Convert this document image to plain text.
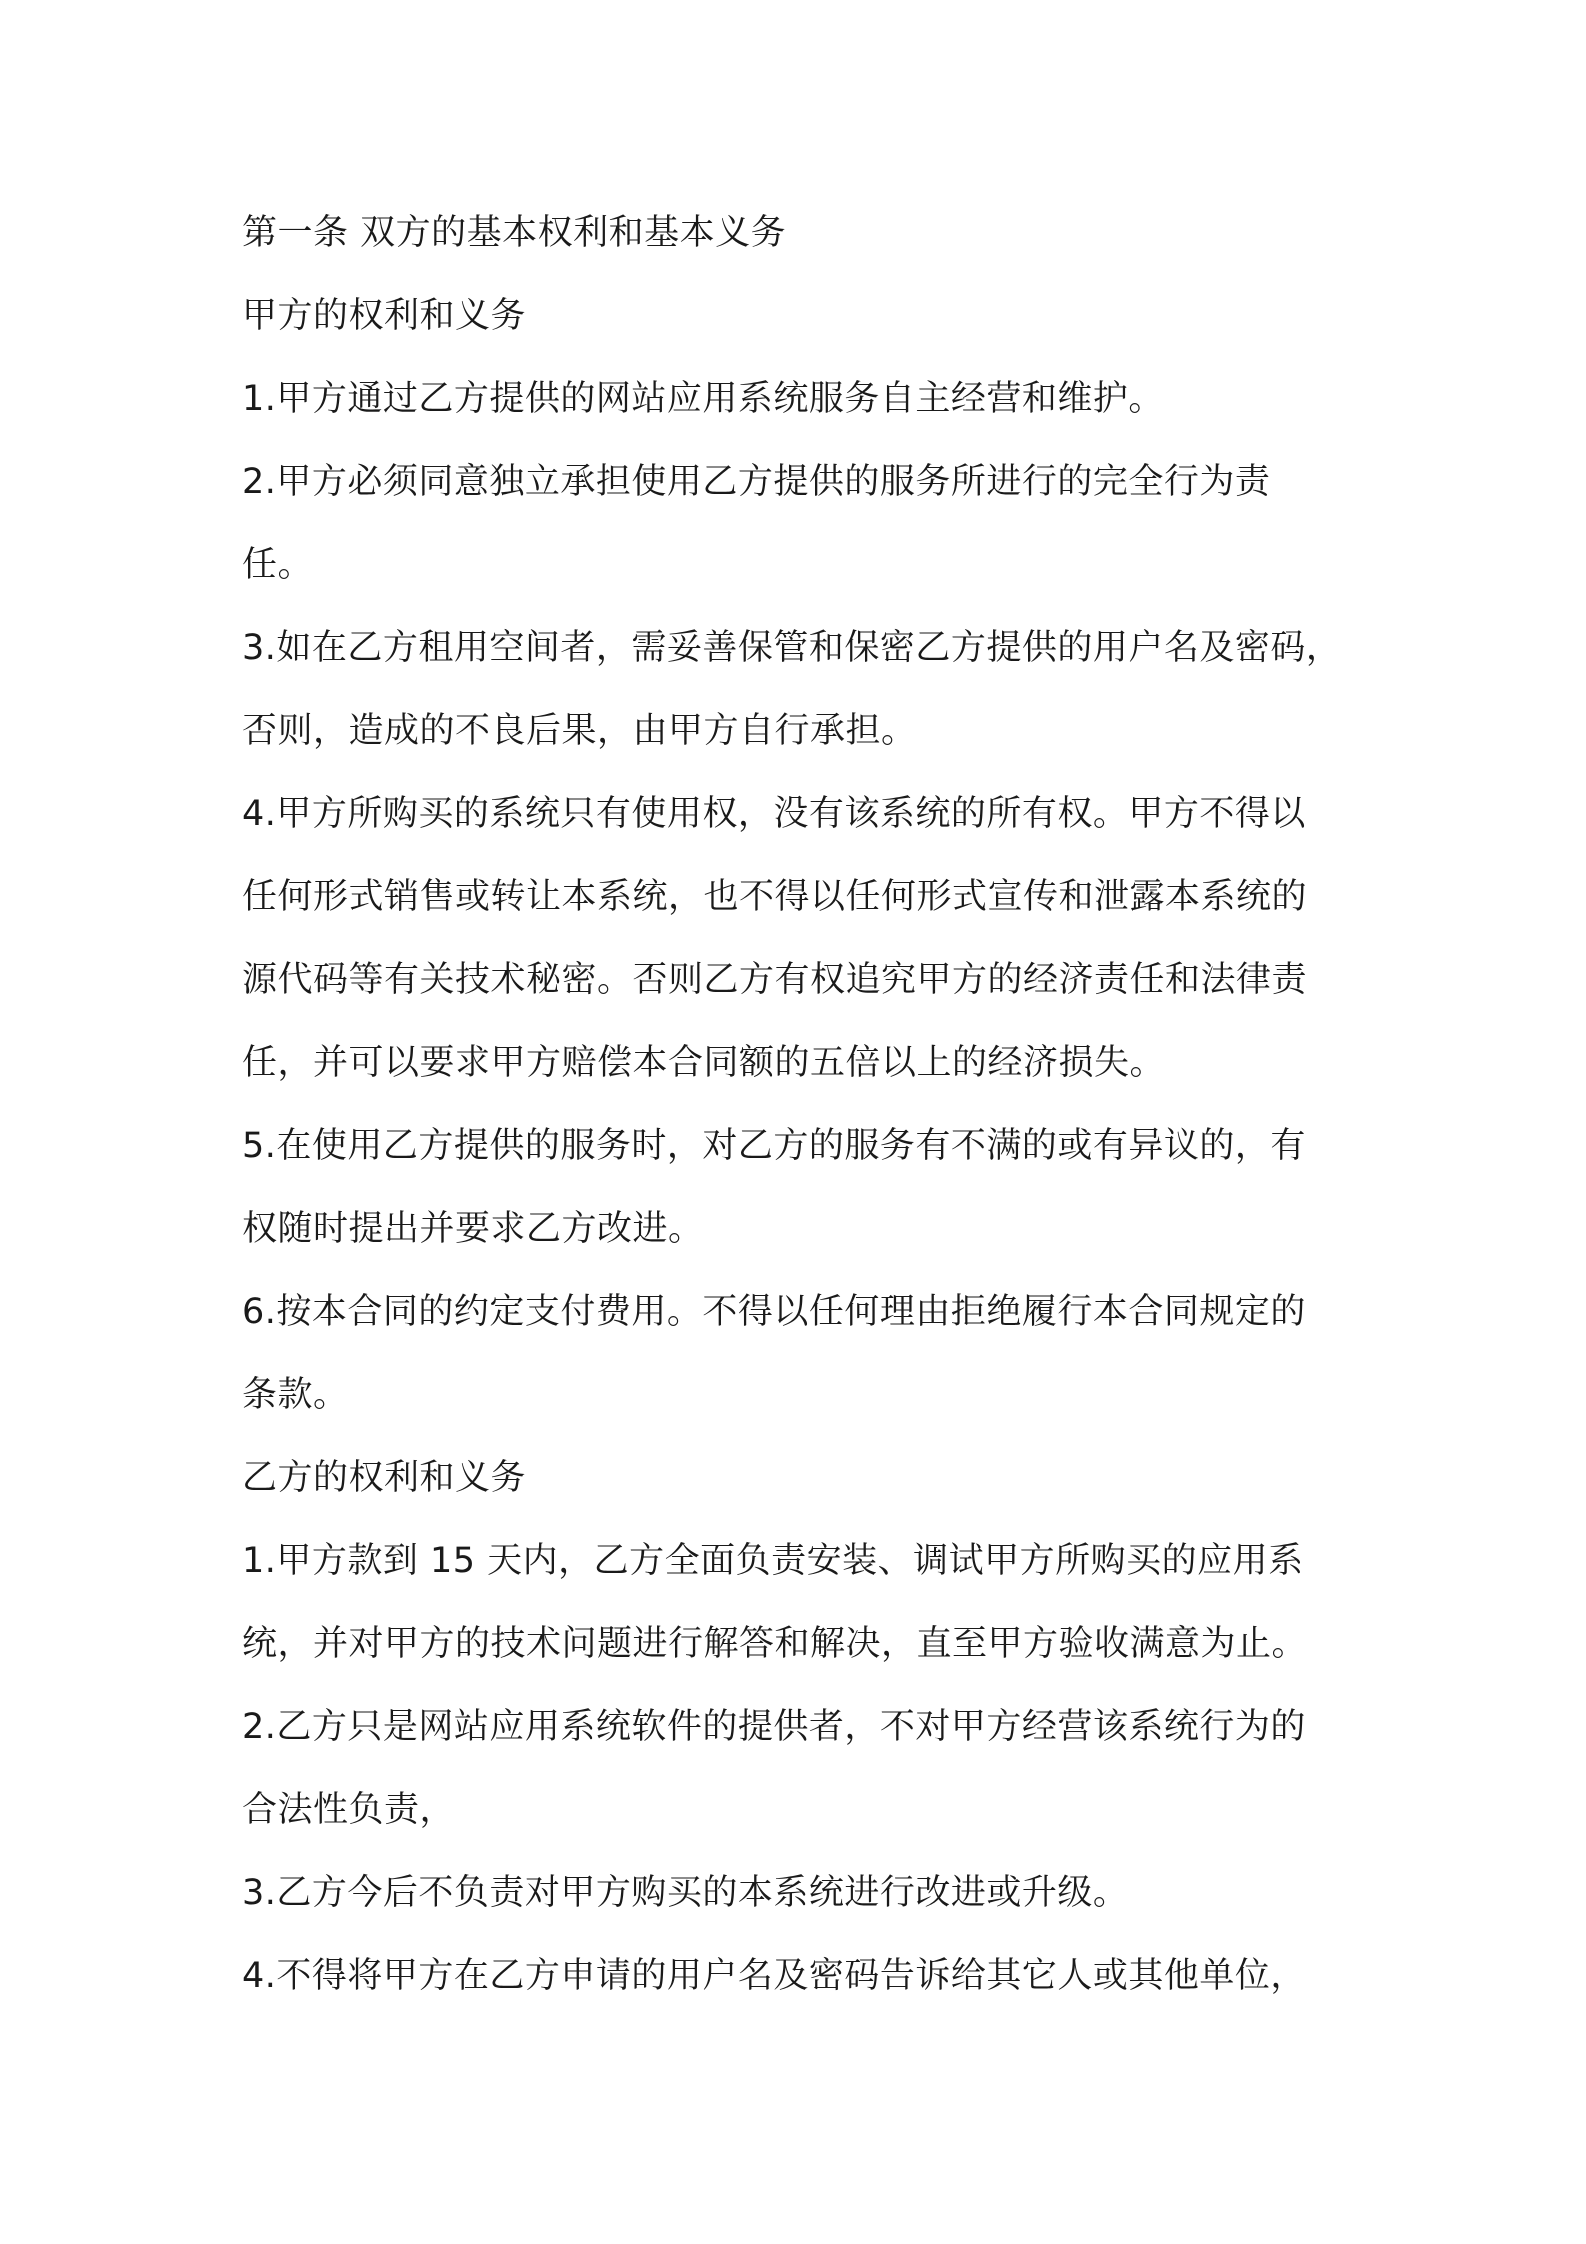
第一条 双方的基本权利和基本义务

甲方的权利和义务

1.甲方通过乙方提供的网站应用系统服务自主经营和维护。

2.甲方必须同意独立承担使用乙方提供的服务所进行的完全行为责

任。

3.如在乙方租用空间者，需妥善保管和保密乙方提供的用户名及密码，

否则，造成的不良后果，由甲方自行承担。

4.甲方所购买的系统只有使用权，没有该系统的所有权。甲方不得以

任何形式销售或转让本系统，也不得以任何形式宣传和泄露本系统的

源代码等有关技术秘密。否则乙方有权追究甲方的经济责任和法律责

任，并可以要求甲方赔偿本合同额的五倍以上的经济损失。

5.在使用乙方提供的服务时，对乙方的服务有不满的或有异议的，有

权随时提出并要求乙方改进。

6.按本合同的约定支付费用。不得以任何理由拒绝履行本合同规定的

条款。

乙方的权利和义务

1.甲方款到 15 天内，乙方全面负责安装、调试甲方所购买的应用系

统，并对甲方的技术问题进行解答和解决，直至甲方验收满意为止。

2.乙方只是网站应用系统软件的提供者，不对甲方经营该系统行为的

合法性负责，

3.乙方今后不负责对甲方购买的本系统进行改进或升级。

4.不得将甲方在乙方申请的用户名及密码告诉给其它人或其他单位，
